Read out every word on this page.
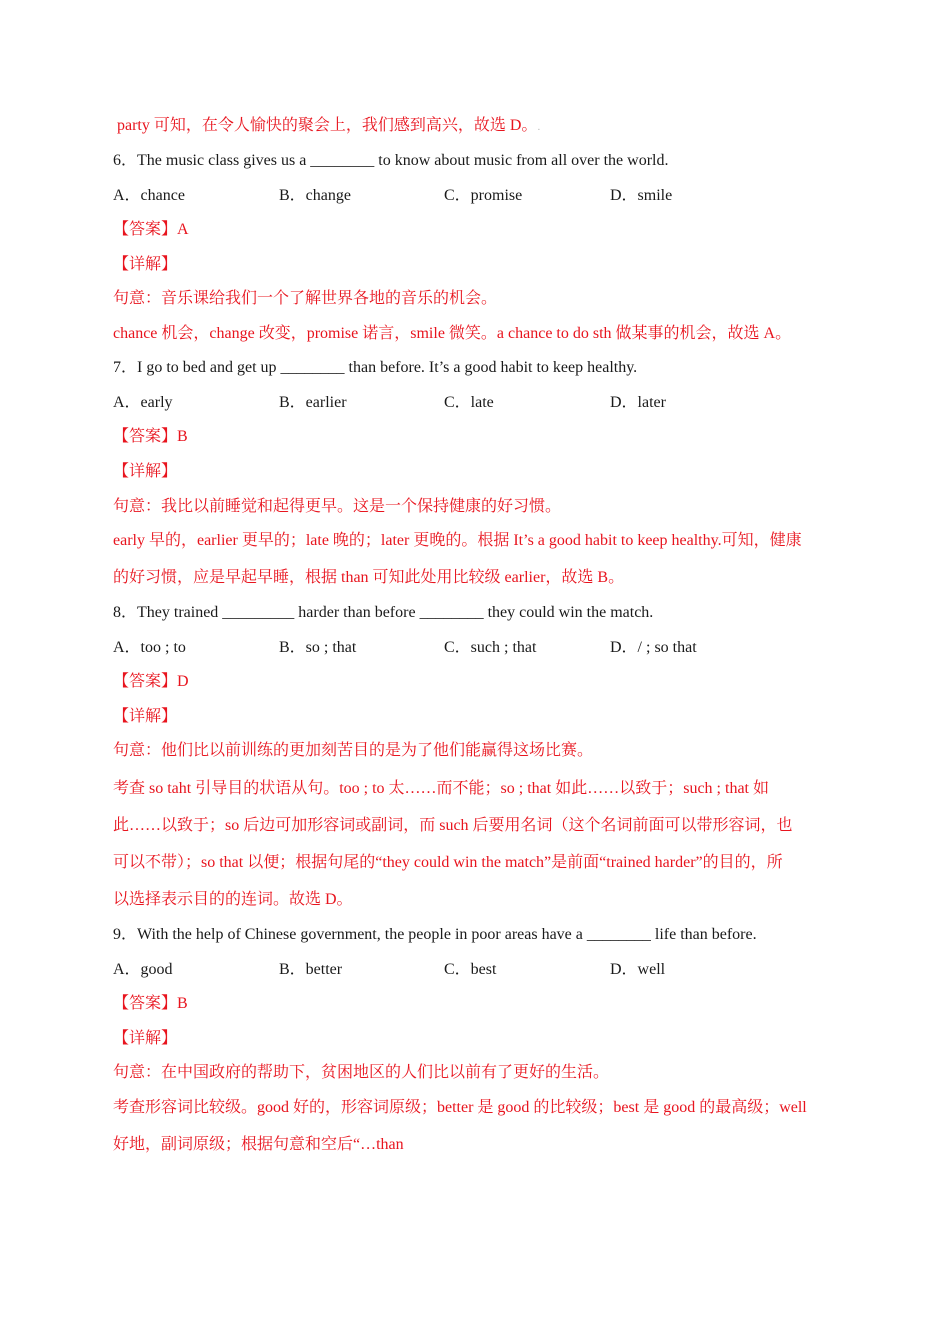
party 可知，在令人愉快的聚会上，我们感到高兴，故选 D。.
6．The music class gives us a ________ to know about music from all over the world.
A．chance	B．change	C．promise	D．smile
【答案】A
【详解】
句意：音乐课给我们一个了解世界各地的音乐的机会。
chance 机会，change 改变，promise 诺言，smile 微笑。a chance to do sth 做某事的机会，故选 A。
7．I go to bed and get up ________ than before. It’s a good habit to keep healthy.
A．early	B．earlier	C．late	D．later
【答案】B
【详解】
句意：我比以前睡觉和起得更早。这是一个保持健康的好习惯。
early 早的，earlier 更早的；late 晚的；later 更晚的。根据 It’s a good habit to keep healthy.可知，健康
的好习惯，应是早起早睡，根据 than 可知此处用比较级 earlier，故选 B。
8．They trained _________ harder than before ________ they could win the match.
A．too ; to	B．so ; that	C．such ; that	D．/ ; so that
【答案】D
【详解】
句意：他们比以前训练的更加刻苦目的是为了他们能赢得这场比赛。
考查 so taht 引导目的状语从句。too ; to 太……而不能；so ; that 如此……以致于；such ; that 如
此……以致于；so 后边可加形容词或副词，而 such 后要用名词（这个名词前面可以带形容词，也
可以不带）；so that 以便；根据句尾的“they could win the match”是前面“trained harder”的目的，所
以选择表示目的的连词。故选 D。
9．With the help of Chinese government, the people in poor areas have a ________ life than before.
A．good	B．better	C．best	D．well
【答案】B
【详解】
句意：在中国政府的帮助下，贫困地区的人们比以前有了更好的生活。
考查形容词比较级。good 好的，形容词原级；better 是 good 的比较级；best 是 good 的最高级；well
好地，副词原级；根据句意和空后“…than
